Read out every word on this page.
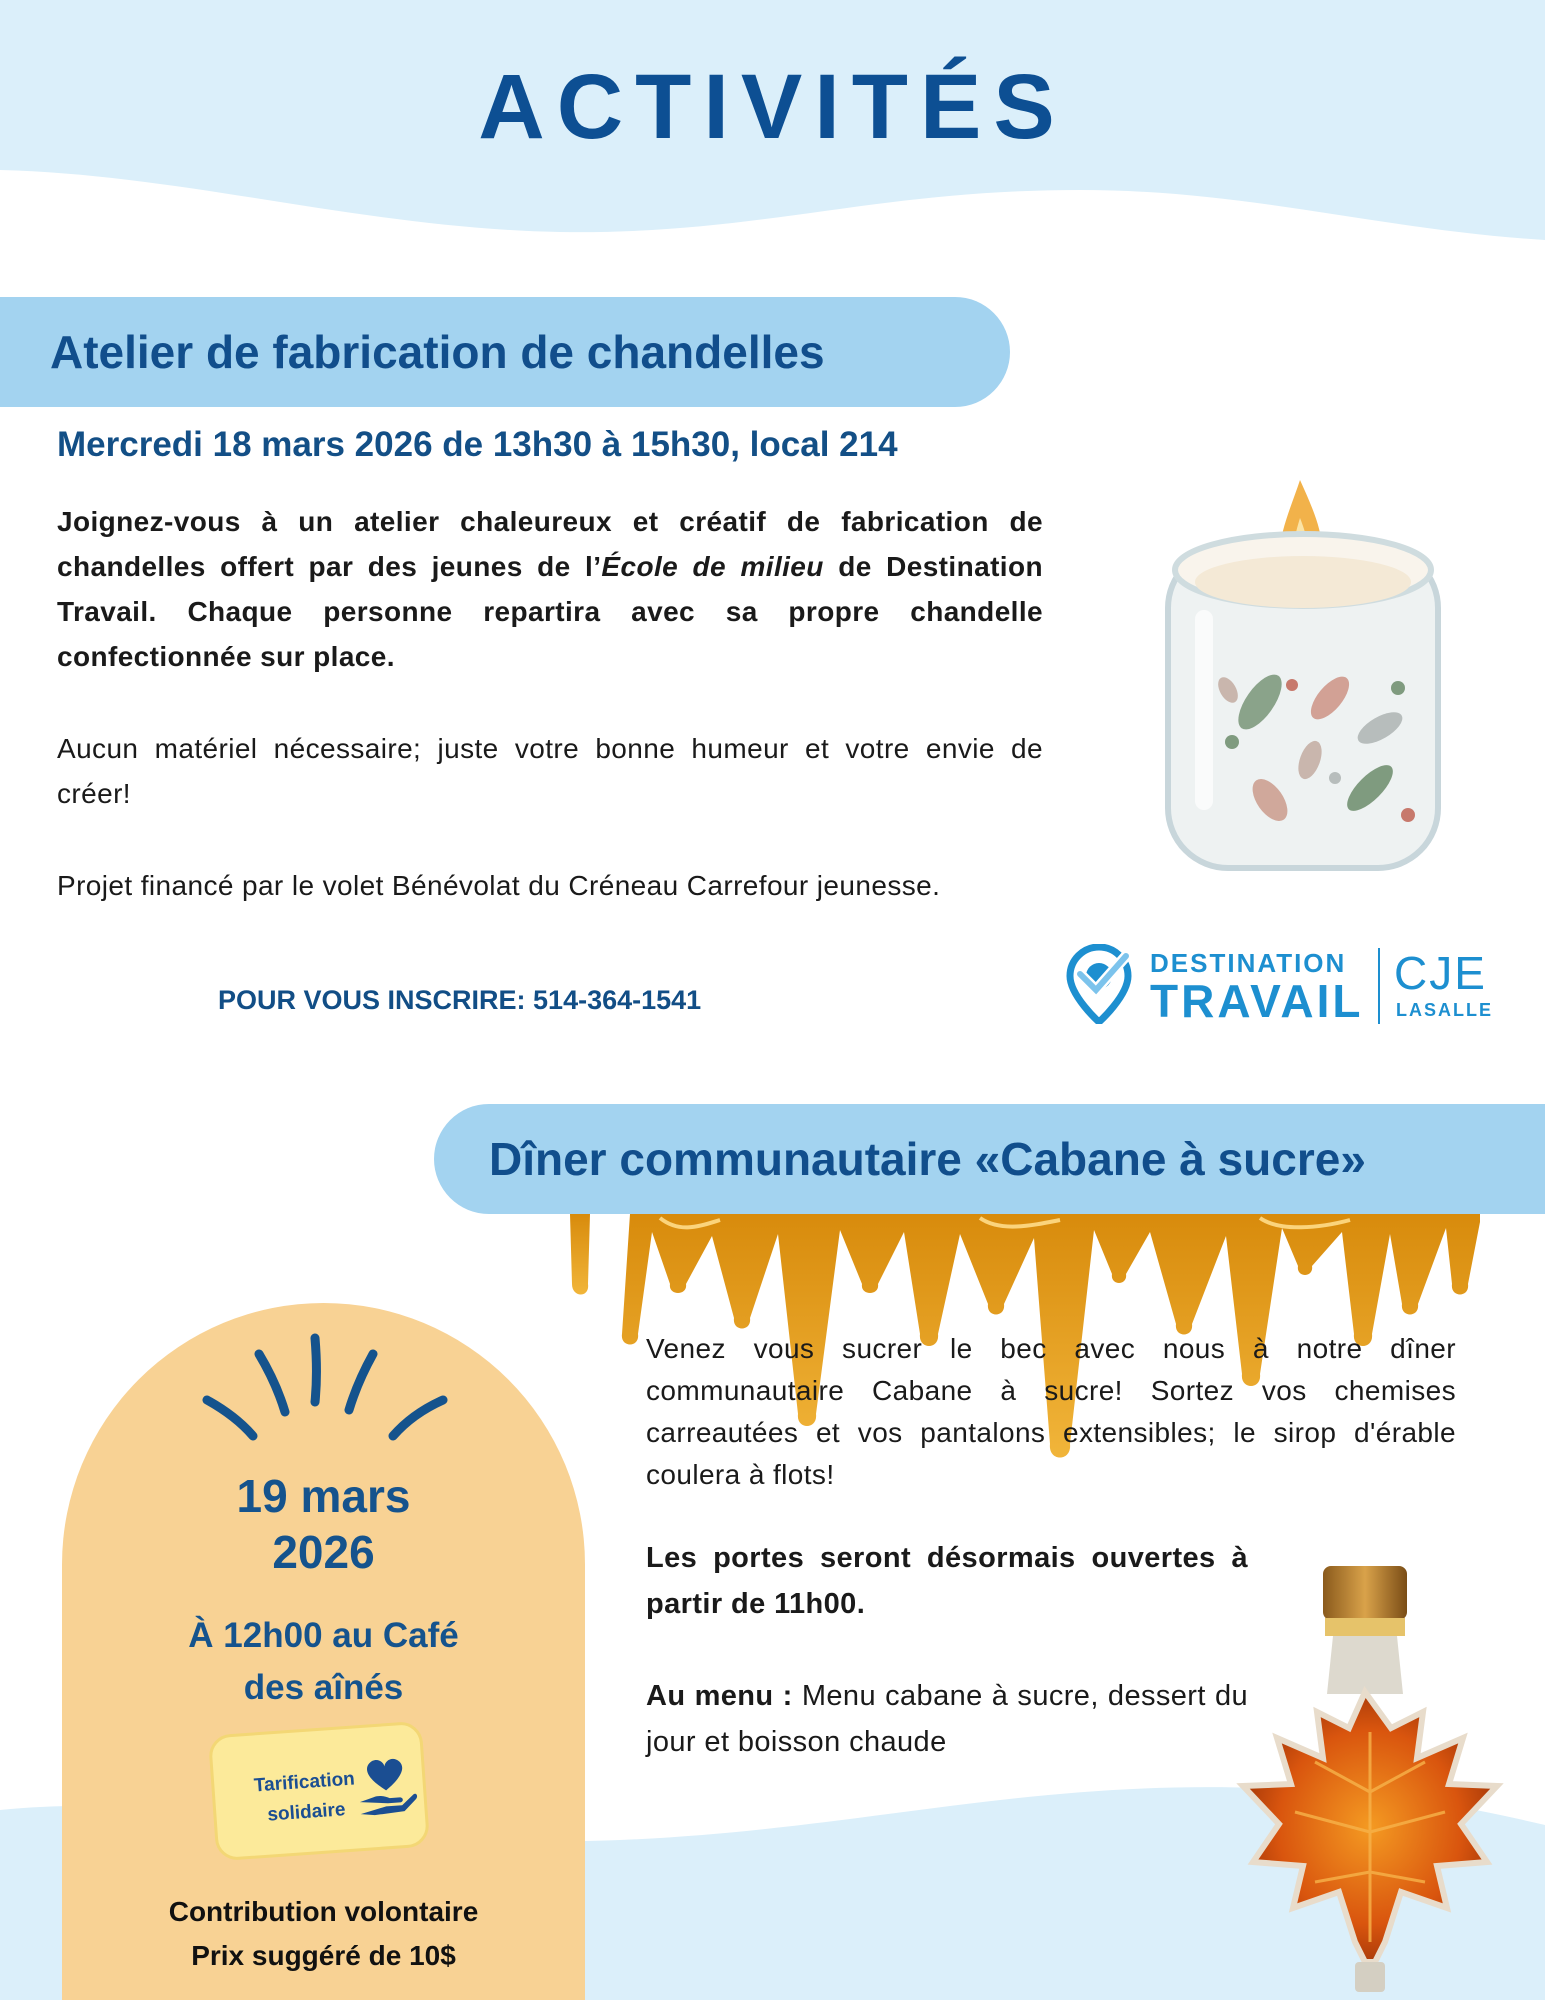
ACTIVITÉS
Atelier de fabrication de chandelles
Mercredi 18 mars 2026 de 13h30 à 15h30, local 214
Joignez-vous à un atelier chaleureux et créatif de fabrication de chandelles offert par des jeunes de l’École de milieu de Destination Travail. Chaque personne repartira avec sa propre chandelle confectionnée sur place.
Aucun matériel nécessaire; juste votre bonne humeur et votre envie de créer!
Projet financé par le volet Bénévolat du Créneau Carrefour jeunesse.
POUR VOUS INSCRIRE: 514-364-1541
DESTINATION
TRAVAIL
CJE
LASALLE
Dîner communautaire «Cabane à sucre»
19 mars
2026
À 12h00 au Café
des aînés
Tarification
solidaire
Contribution volontaire
Prix suggéré de 10$
Venez vous sucrer le bec avec nous à notre dîner communautaire Cabane à sucre! Sortez vos chemises carreautées et vos pantalons extensibles; le sirop d'érable coulera à flots!
Les portes seront désormais ouvertes à partir de 11h00.
Au menu : Menu cabane à sucre, dessert du jour et boisson chaude
